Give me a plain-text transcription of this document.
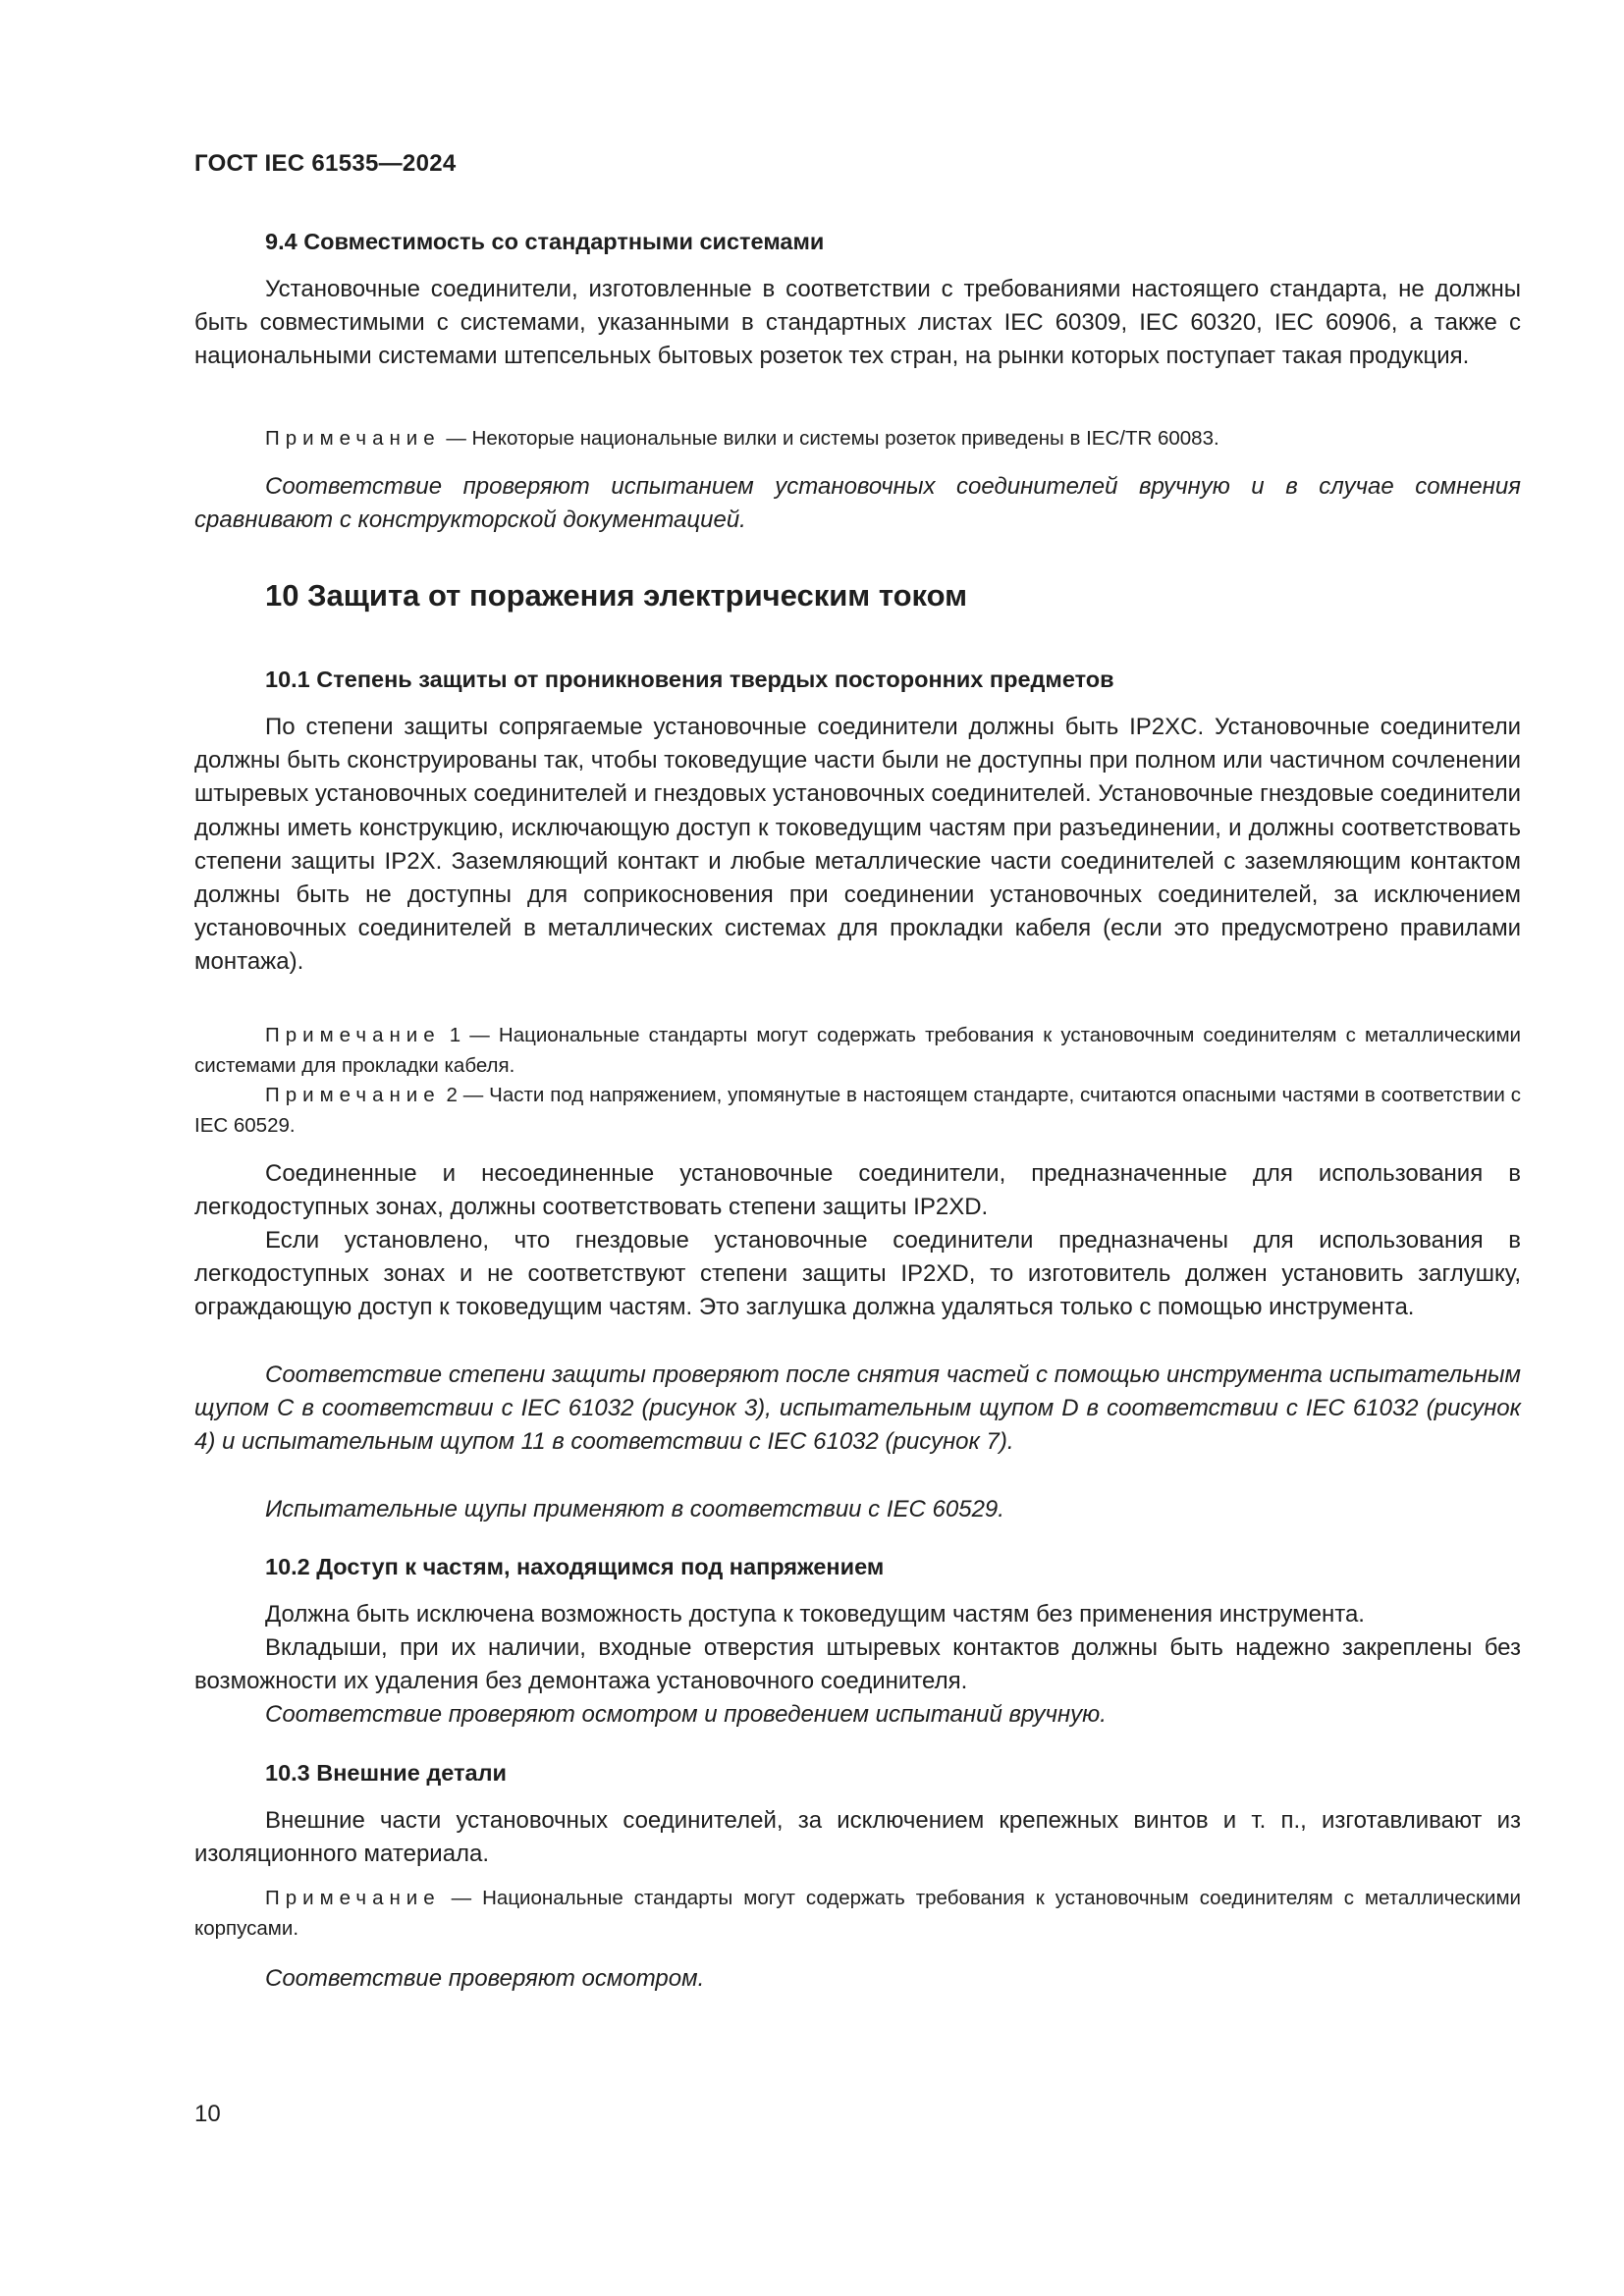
ГОСТ IEC 61535—2024
9.4 Совместимость со стандартными системами

Установочные соединители, изготовленные в соответствии с требованиями настоящего стандарта, не должны быть совместимыми с системами, указанными в стандартных листах IEC 60309, IEC 60320, IEC 60906, а также с национальными системами штепсельных бытовых розеток тех стран, на рынки которых поступает такая продукция.

Примечание — Некоторые национальные вилки и системы розеток приведены в IEC/TR 60083.

Соответствие проверяют испытанием установочных соединителей вручную и в случае сомнения сравнивают с конструкторской документацией.

10 Защита от поражения электрическим током
10.1 Степень защиты от проникновения твердых посторонних предметов

По степени защиты сопрягаемые установочные соединители должны быть IP2XC. Установочные соединители должны быть сконструированы так, чтобы токоведущие части были не доступны при полном или частичном сочленении штыревых установочных соединителей и гнездовых установочных соединителей. Установочные гнездовые соединители должны иметь конструкцию, исключающую доступ к токоведущим частям при разъединении, и должны соответствовать степени защиты IP2X. Заземляющий контакт и любые металлические части соединителей с заземляющим контактом должны быть не доступны для соприкосновения при соединении установочных соединителей, за исключением установочных соединителей в металлических системах для прокладки кабеля (если это предусмотрено правилами монтажа).

Примечание 1 — Национальные стандарты могут содержать требования к установочным соединителям с металлическими системами для прокладки кабеля.

Примечание 2 — Части под напряжением, упомянутые в настоящем стандарте, считаются опасными частями в соответствии с IEC 60529.

Соединенные и несоединенные установочные соединители, предназначенные для использования в легкодоступных зонах, должны соответствовать степени защиты IP2XD.

Если установлено, что гнездовые установочные соединители предназначены для использования в легкодоступных зонах и не соответствуют степени защиты IP2XD, то изготовитель должен установить заглушку, ограждающую доступ к токоведущим частям. Это заглушка должна удаляться только с помощью инструмента.

Соответствие степени защиты проверяют после снятия частей с помощью инструмента испытательным щупом С в соответствии с IEC 61032 (рисунок 3), испытательным щупом D в соответствии с IEC 61032 (рисунок 4) и испытательным щупом 11 в соответствии с IEC 61032 (рисунок 7).

Испытательные щупы применяют в соответствии с IEC 60529.

10.2 Доступ к частям, находящимся под напряжением

Должна быть исключена возможность доступа к токоведущим частям без применения инструмента.

Вкладыши, при их наличии, входные отверстия штыревых контактов должны быть надежно закреплены без возможности их удаления без демонтажа установочного соединителя.

Соответствие проверяют осмотром и проведением испытаний вручную.

10.3 Внешние детали

Внешние части установочных соединителей, за исключением крепежных винтов и т. п., изготавливают из изоляционного материала.

Примечание — Национальные стандарты могут содержать требования к установочным соединителям с металлическими корпусами.

Соответствие проверяют осмотром.

10
